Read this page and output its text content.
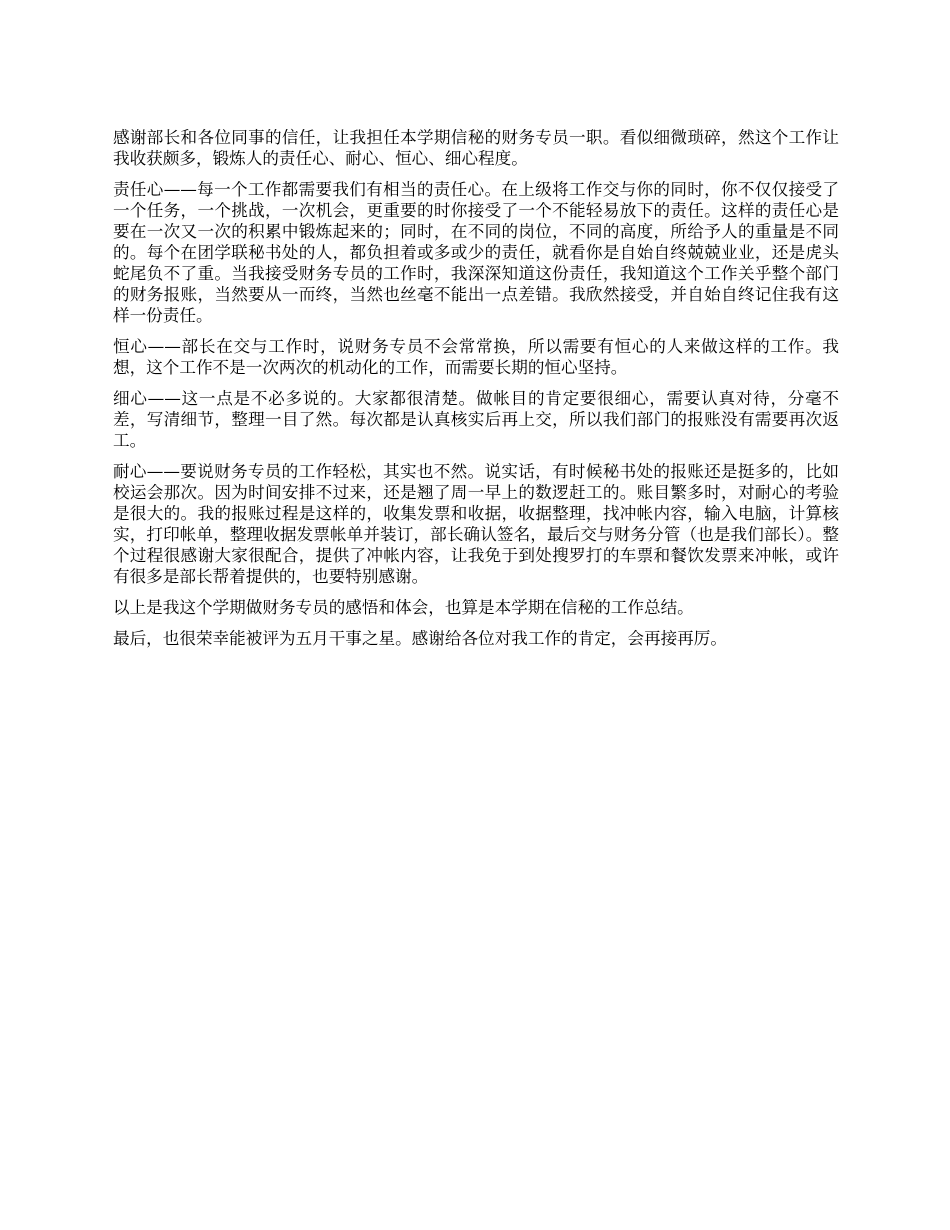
感谢部长和各位同事的信任，让我担任本学期信秘的财务专员一职。看似细微琐碎，然这个工作让我收获颇多，锻炼人的责任心、耐心、恒心、细心程度。

责任心——每一个工作都需要我们有相当的责任心。在上级将工作交与你的同时，你不仅仅接受了一个任务，一个挑战，一次机会，更重要的时你接受了一个不能轻易放下的责任。这样的责任心是要在一次又一次的积累中锻炼起来的；同时，在不同的岗位，不同的高度，所给予人的重量是不同的。每个在团学联秘书处的人，都负担着或多或少的责任，就看你是自始自终兢兢业业，还是虎头蛇尾负不了重。当我接受财务专员的工作时，我深深知道这份责任，我知道这个工作关乎整个部门的财务报账，当然要从一而终，当然也丝毫不能出一点差错。我欣然接受，并自始自终记住我有这样一份责任。

恒心——部长在交与工作时，说财务专员不会常常换，所以需要有恒心的人来做这样的工作。我想，这个工作不是一次两次的机动化的工作，而需要长期的恒心坚持。

细心——这一点是不必多说的。大家都很清楚。做帐目的肯定要很细心，需要认真对待，分毫不差，写清细节，整理一目了然。每次都是认真核实后再上交，所以我们部门的报账没有需要再次返工。

耐心——要说财务专员的工作轻松，其实也不然。说实话，有时候秘书处的报账还是挺多的，比如校运会那次。因为时间安排不过来，还是翘了周一早上的数逻赶工的。账目繁多时，对耐心的考验是很大的。我的报账过程是这样的，收集发票和收据，收据整理，找冲帐内容，输入电脑，计算核实，打印帐单，整理收据发票帐单并装订，部长确认签名，最后交与财务分管（也是我们部长）。整个过程很感谢大家很配合，提供了冲帐内容，让我免于到处搜罗打的车票和餐饮发票来冲帐，或许有很多是部长帮着提供的，也要特别感谢。

以上是我这个学期做财务专员的感悟和体会，也算是本学期在信秘的工作总结。

最后，也很荣幸能被评为五月干事之星。感谢给各位对我工作的肯定，会再接再厉。
